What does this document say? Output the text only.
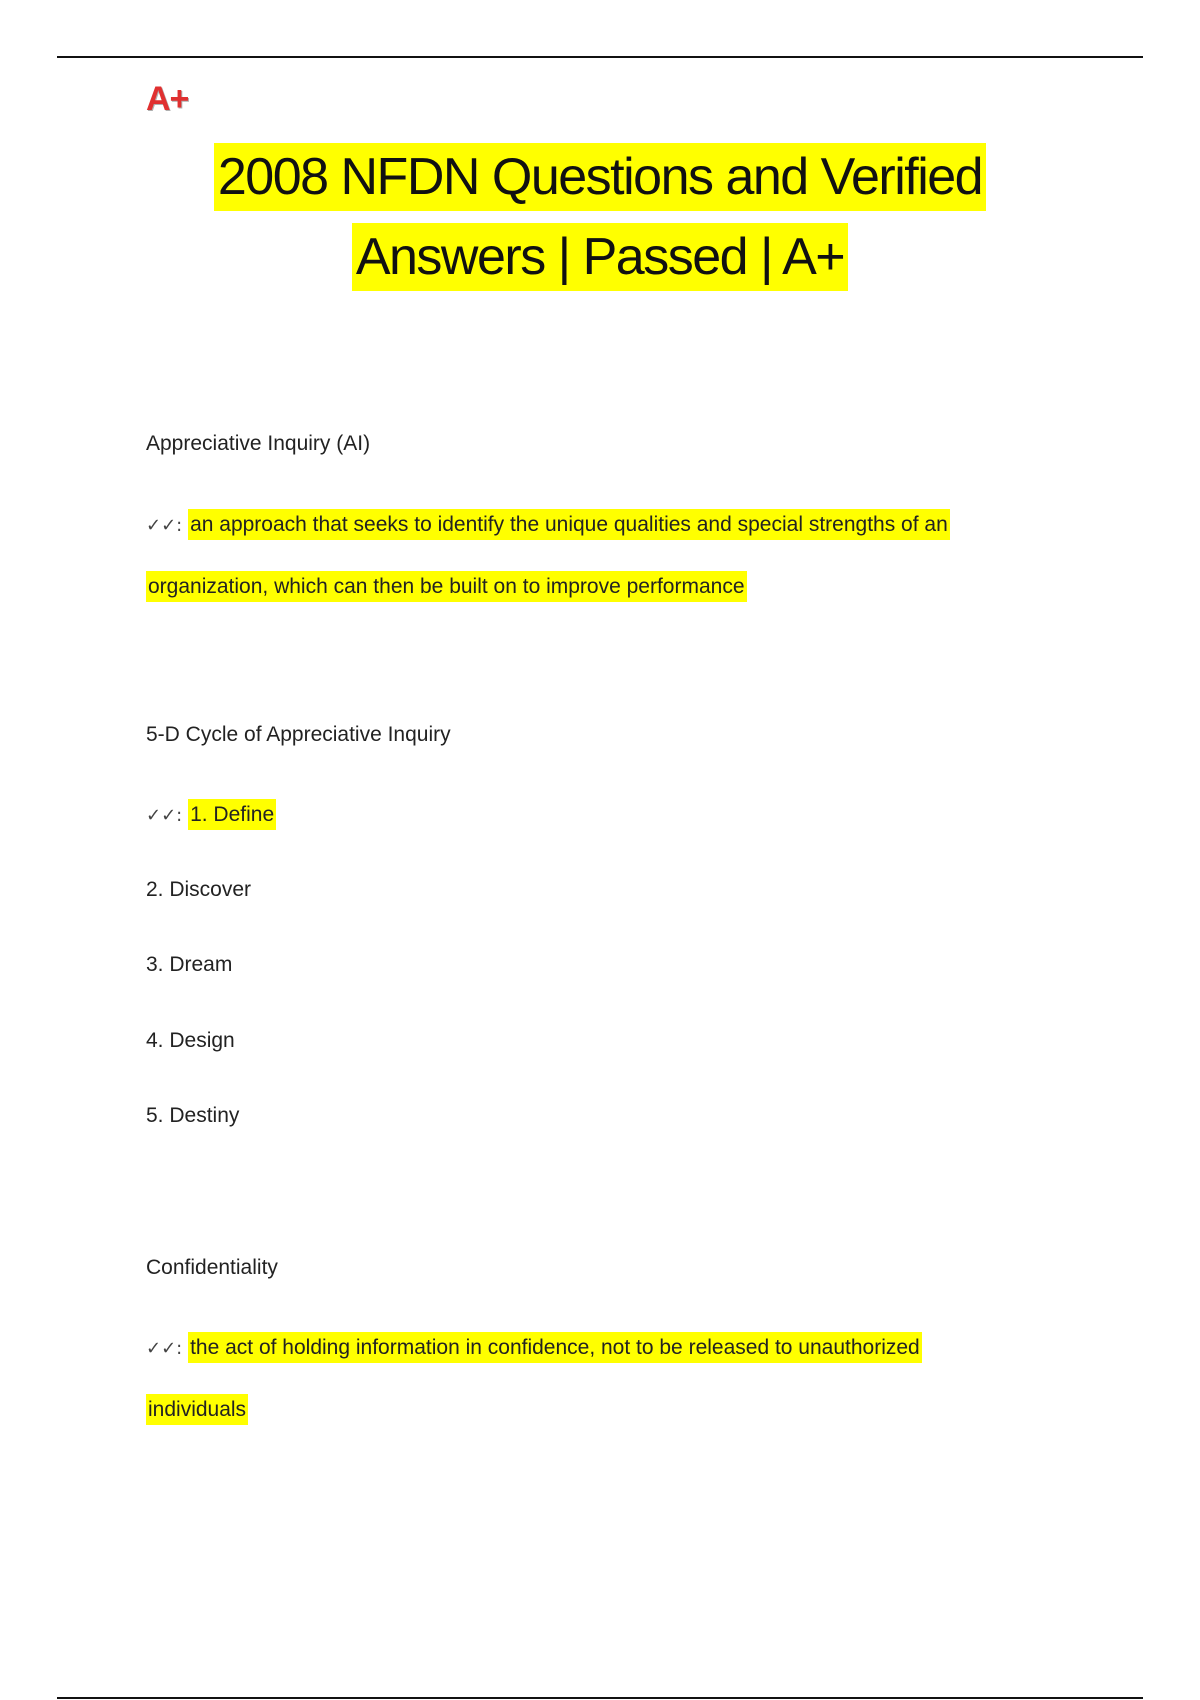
A+
2008 NFDN Questions and Verified
Answers | Passed | A+
Appreciative Inquiry (AI)
✓✓: an approach that seeks to identify the unique qualities and special strengths of an
organization, which can then be built on to improve performance
5-D Cycle of Appreciative Inquiry
✓✓: 1. Define
2. Discover
3. Dream
4. Design
5. Destiny
Confidentiality
✓✓: the act of holding information in confidence, not to be released to unauthorized
individuals
